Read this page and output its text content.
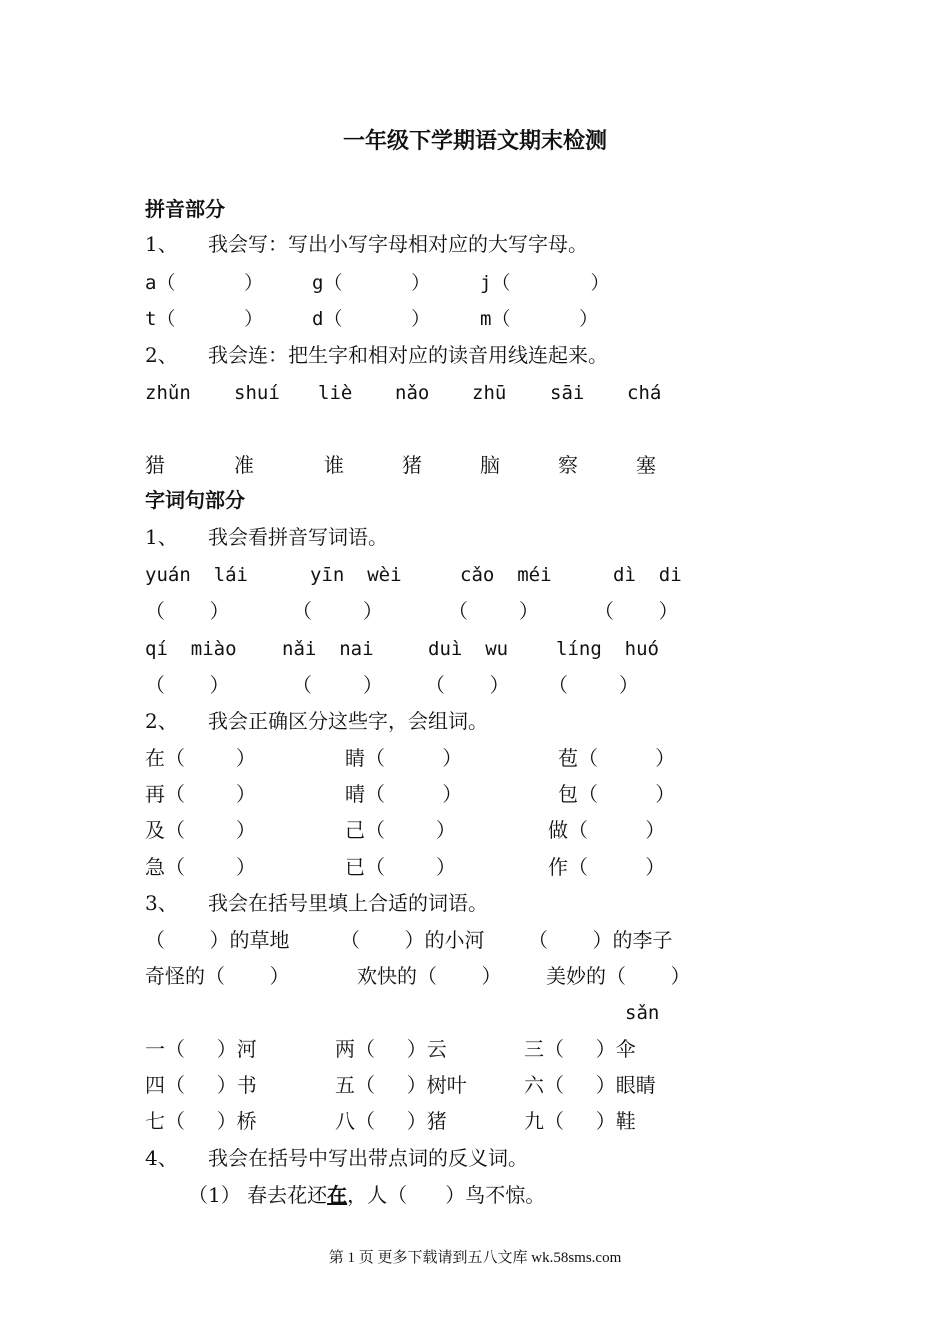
一年级下学期语文期末检测
拼音部分
1、 我会写：写出小写字母相对应的大写字母。
a（      ）	g（      ）	j（       ）
t（      ）	d（      ）	m（      ）
2、 我会连：把生字和相对应的读音用线连起来。
zhǔn shuí liè nǎo zhū sāi chá
猎	准	谁	猪	脑	察	塞
字词句部分
1、 我会看拼音写词语。
yuán  lái	yīn  wèi	cǎo  méi	dì  di
（       ）	（        ）	（        ）	（       ）
qí  miào nǎi  nai	duì  wu	líng  huó
（       ）	（        ） （       ） （        ）
2、 我会正确区分这些字，会组词。
在（        ）	睛（         ）	苞（         ）
再（        ）	晴（         ）	包（         ）
及（        ）	己（        ）	做（         ）
急（        ）	已（        ）	作（         ）
3、 我会在括号里填上合适的词语。
（       ）的草地	（       ）的小河 （       ）的李子
奇怪的（       ）	欢快的（       ） 美妙的（       ）
sǎn
一（     ）河	两（     ）云	三（     ）伞
四（     ）书	五（     ）树叶	六（     ）眼睛
七（     ）桥	八（     ）猪	九（     ）鞋
4、 我会在括号中写出带点词的反义词。
（1） 春去花还在，人（      ）鸟不惊。
第 1 页 更多下载请到五八文库 wk.58sms.com
